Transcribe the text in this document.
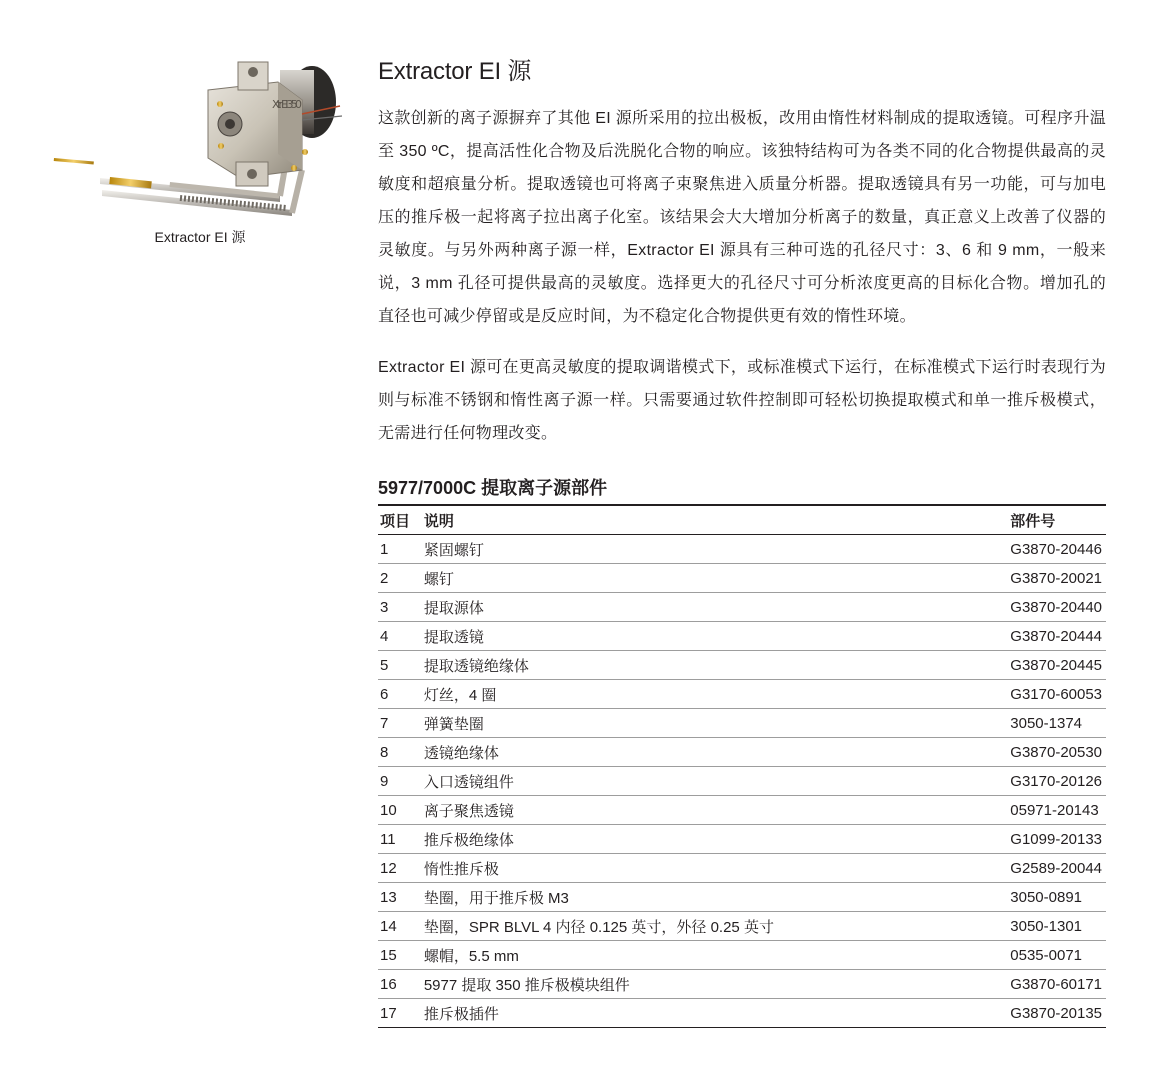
Xtr EI 350
Extractor EI 源
Extractor EI 源

这款创新的离子源摒弃了其他 EI 源所采用的拉出极板，改用由惰性材料制成的提取透镜。可程序升温至 350 ºC，提高活性化合物及后洗脱化合物的响应。该独特结构可为各类不同的化合物提供最高的灵敏度和超痕量分析。提取透镜也可将离子束聚焦进入质量分析器。提取透镜具有另一功能，可与加电压的推斥极一起将离子拉出离子化室。该结果会大大增加分析离子的数量，真正意义上改善了仪器的灵敏度。与另外两种离子源一样，Extractor EI 源具有三种可选的孔径尺寸：3、6 和 9 mm，一般来说，3 mm 孔径可提供最高的灵敏度。选择更大的孔径尺寸可分析浓度更高的目标化合物。增加孔的直径也可减少停留或是反应时间，为不稳定化合物提供更有效的惰性环境。

Extractor EI 源可在更高灵敏度的提取调谐模式下，或标准模式下运行，在标准模式下运行时表现行为则与标准不锈钢和惰性离子源一样。只需要通过软件控制即可轻松切换提取模式和单一推斥极模式，无需进行任何物理改变。

5977/7000C 提取离子源部件
项目	说明	部件号
1	紧固螺钉	G3870-20446
2	螺钉	G3870-20021
3	提取源体	G3870-20440
4	提取透镜	G3870-20444
5	提取透镜绝缘体	G3870-20445
6	灯丝，4 圈	G3170-60053
7	弹簧垫圈	3050-1374
8	透镜绝缘体	G3870-20530
9	入口透镜组件	G3170-20126
10	离子聚焦透镜	05971-20143
11	推斥极绝缘体	G1099-20133
12	惰性推斥极	G2589-20044
13	垫圈，用于推斥极 M3	3050-0891
14	垫圈，SPR BLVL 4 内径 0.125 英寸，外径 0.25 英寸	3050-1301
15	螺帽，5.5 mm	0535-0071
16	5977 提取 350 推斥极模块组件	G3870-60171
17	推斥极插件	G3870-20135
